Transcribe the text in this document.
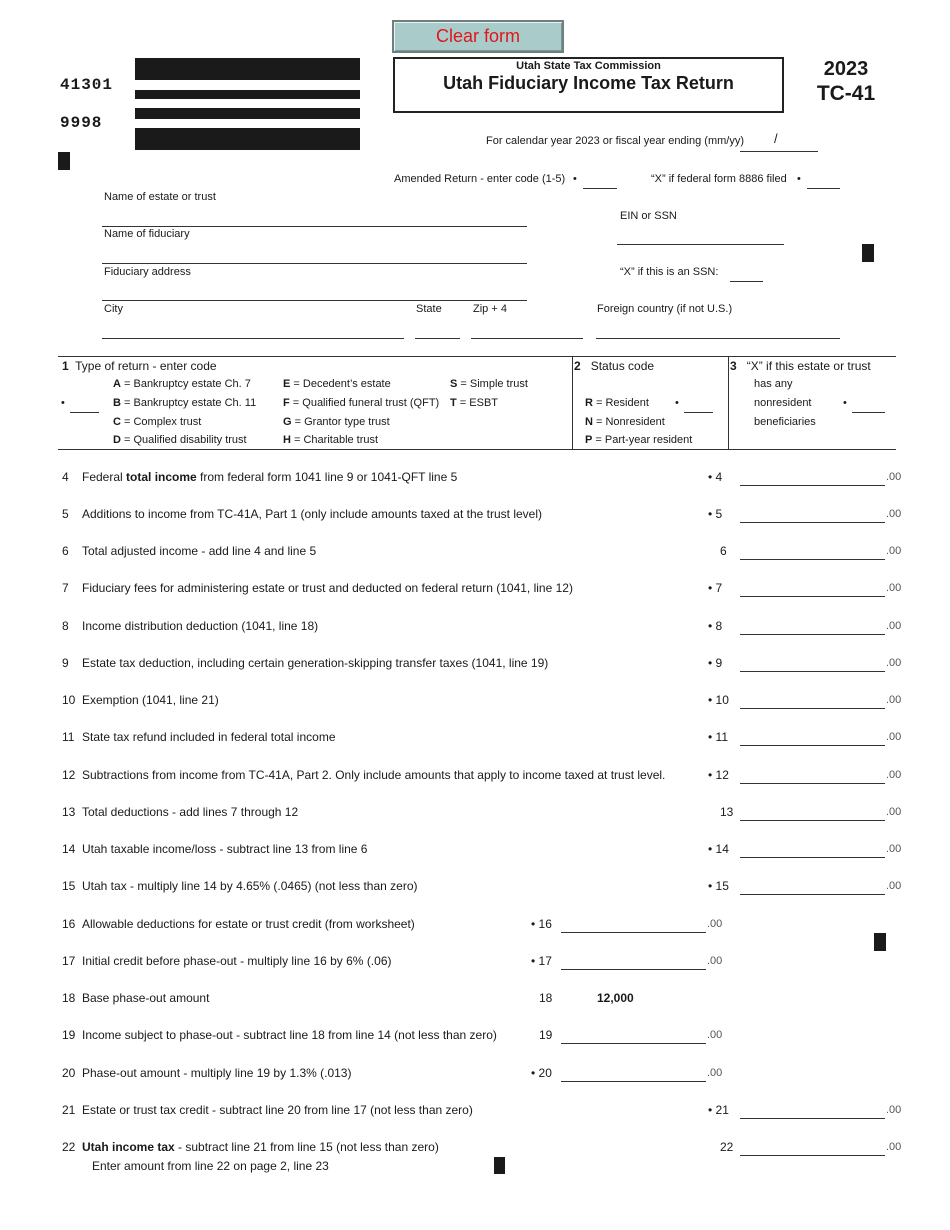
Clear form
41301
9998
Utah State Tax Commission
Utah Fiduciary Income Tax Return
2023
TC-41
For calendar year 2023 or fiscal year ending (mm/yy) /
Amended Return - enter code (1-5) •	“X” if federal form 8886 filed •
Name of estate or trust
Name of fiduciary
Fiduciary address
City	State	Zip + 4	Foreign country (if not U.S.)
EIN or SSN
“X” if this is an SSN:
1 Type of return - enter code
A = Bankruptcy estate Ch. 7
B = Bankruptcy estate Ch. 11
C = Complex trust
D = Qualified disability trust
E = Decedent’s estate
F = Qualified funeral trust (QFT)
G = Grantor type trust
H = Charitable trust
S = Simple trust
T = ESBT
•
2 Status code
R = Resident
N = Nonresident
P = Part-year resident
•
3 “X” if this estate or trust
has any
nonresident
beneficiaries
•
4 Federal total income from federal form 1041 line 9 or 1041-QFT line 5	• 4	.00
5 Additions to income from TC-41A, Part 1 (only include amounts taxed at the trust level)	• 5	.00
6 Total adjusted income - add line 4 and line 5	6	.00
7 Fiduciary fees for administering estate or trust and deducted on federal return (1041, line 12)	• 7	.00
8 Income distribution deduction (1041, line 18)	• 8	.00
9 Estate tax deduction, including certain generation-skipping transfer taxes (1041, line 19)	• 9	.00
10 Exemption (1041, line 21)	• 10	.00
11 State tax refund included in federal total income	• 11	.00
12 Subtractions from income from TC-41A, Part 2. Only include amounts that apply to income taxed at trust level.	• 12	.00
13 Total deductions - add lines 7 through 12	13	.00
14 Utah taxable income/loss - subtract line 13 from line 6	• 14	.00
15 Utah tax - multiply line 14 by 4.65% (.0465) (not less than zero)	• 15	.00
16 Allowable deductions for estate or trust credit (from worksheet)	• 16	.00
17 Initial credit before phase-out - multiply line 16 by 6% (.06)	• 17	.00
18 Base phase-out amount	18	12,000
19 Income subject to phase-out - subtract line 18 from line 14 (not less than zero)	19	.00
20 Phase-out amount - multiply line 19 by 1.3% (.013)	• 20	.00
21 Estate or trust tax credit - subtract line 20 from line 17 (not less than zero)	• 21	.00
22 Utah income tax - subtract line 21 from line 15 (not less than zero)	22	.00
Enter amount from line 22 on page 2, line 23
